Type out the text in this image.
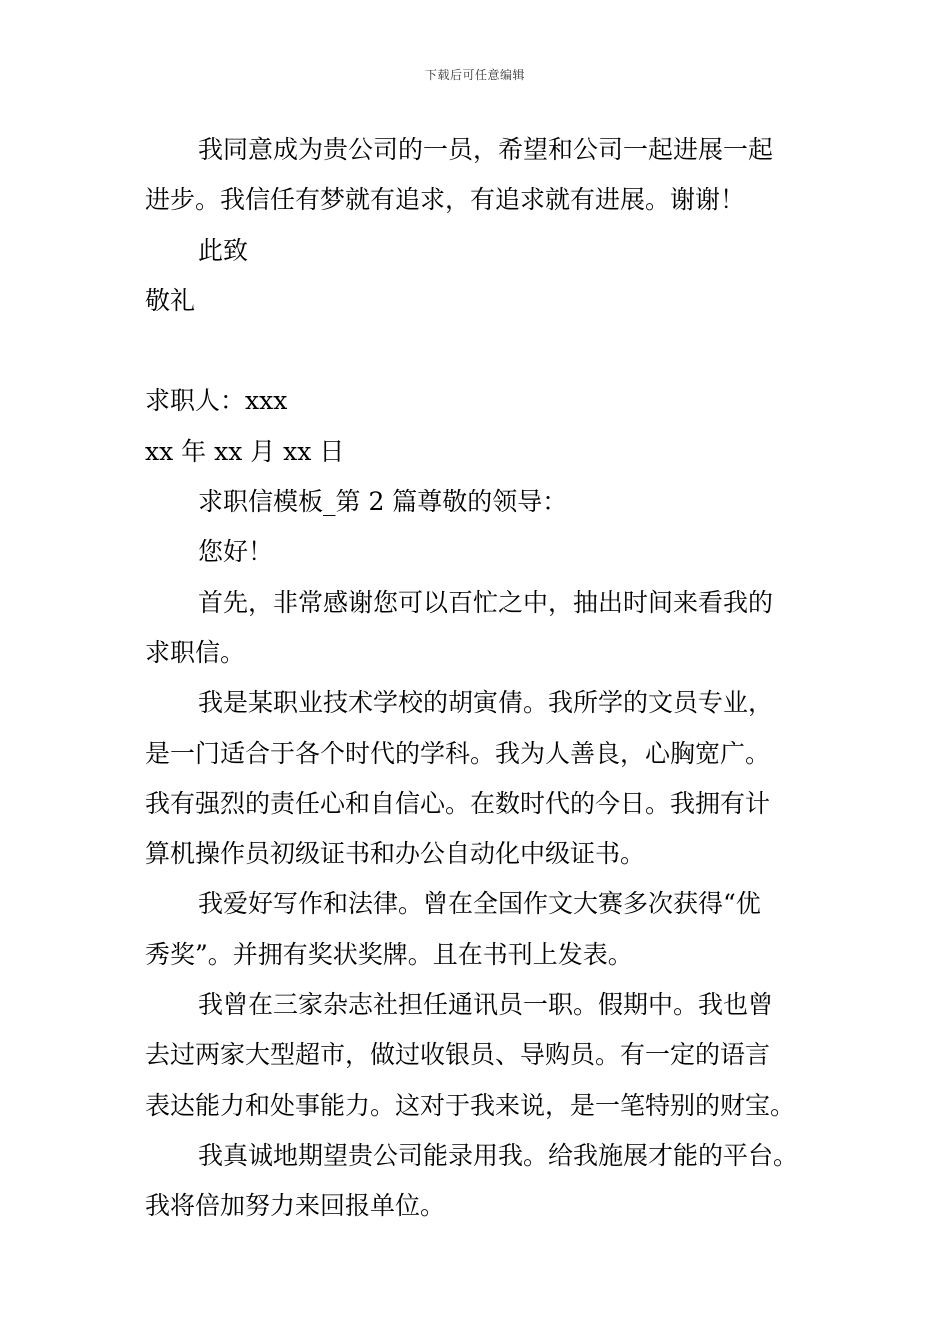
下载后可任意编辑
我同意成为贵公司的一员，希望和公司一起进展一起
进步。我信任有梦就有追求，有追求就有进展。谢谢！
此致
敬礼
求职人：xxx
xx 年 xx 月 xx 日
求职信模板_第 2 篇尊敬的领导：
您好！
首先，非常感谢您可以百忙之中，抽出时间来看我的
求职信。
我是某职业技术学校的胡寅倩。我所学的文员专业，
是一门适合于各个时代的学科。我为人善良，心胸宽广。
我有强烈的责任心和自信心。在数时代的今日。我拥有计
算机操作员初级证书和办公自动化中级证书。
我爱好写作和法律。曾在全国作文大赛多次获得“优
秀奖”。并拥有奖状奖牌。且在书刊上发表。
我曾在三家杂志社担任通讯员一职。假期中。我也曾
去过两家大型超市，做过收银员、导购员。有一定的语言
表达能力和处事能力。这对于我来说，是一笔特别的财宝。
我真诚地期望贵公司能录用我。给我施展才能的平台。
我将倍加努力来回报单位。
